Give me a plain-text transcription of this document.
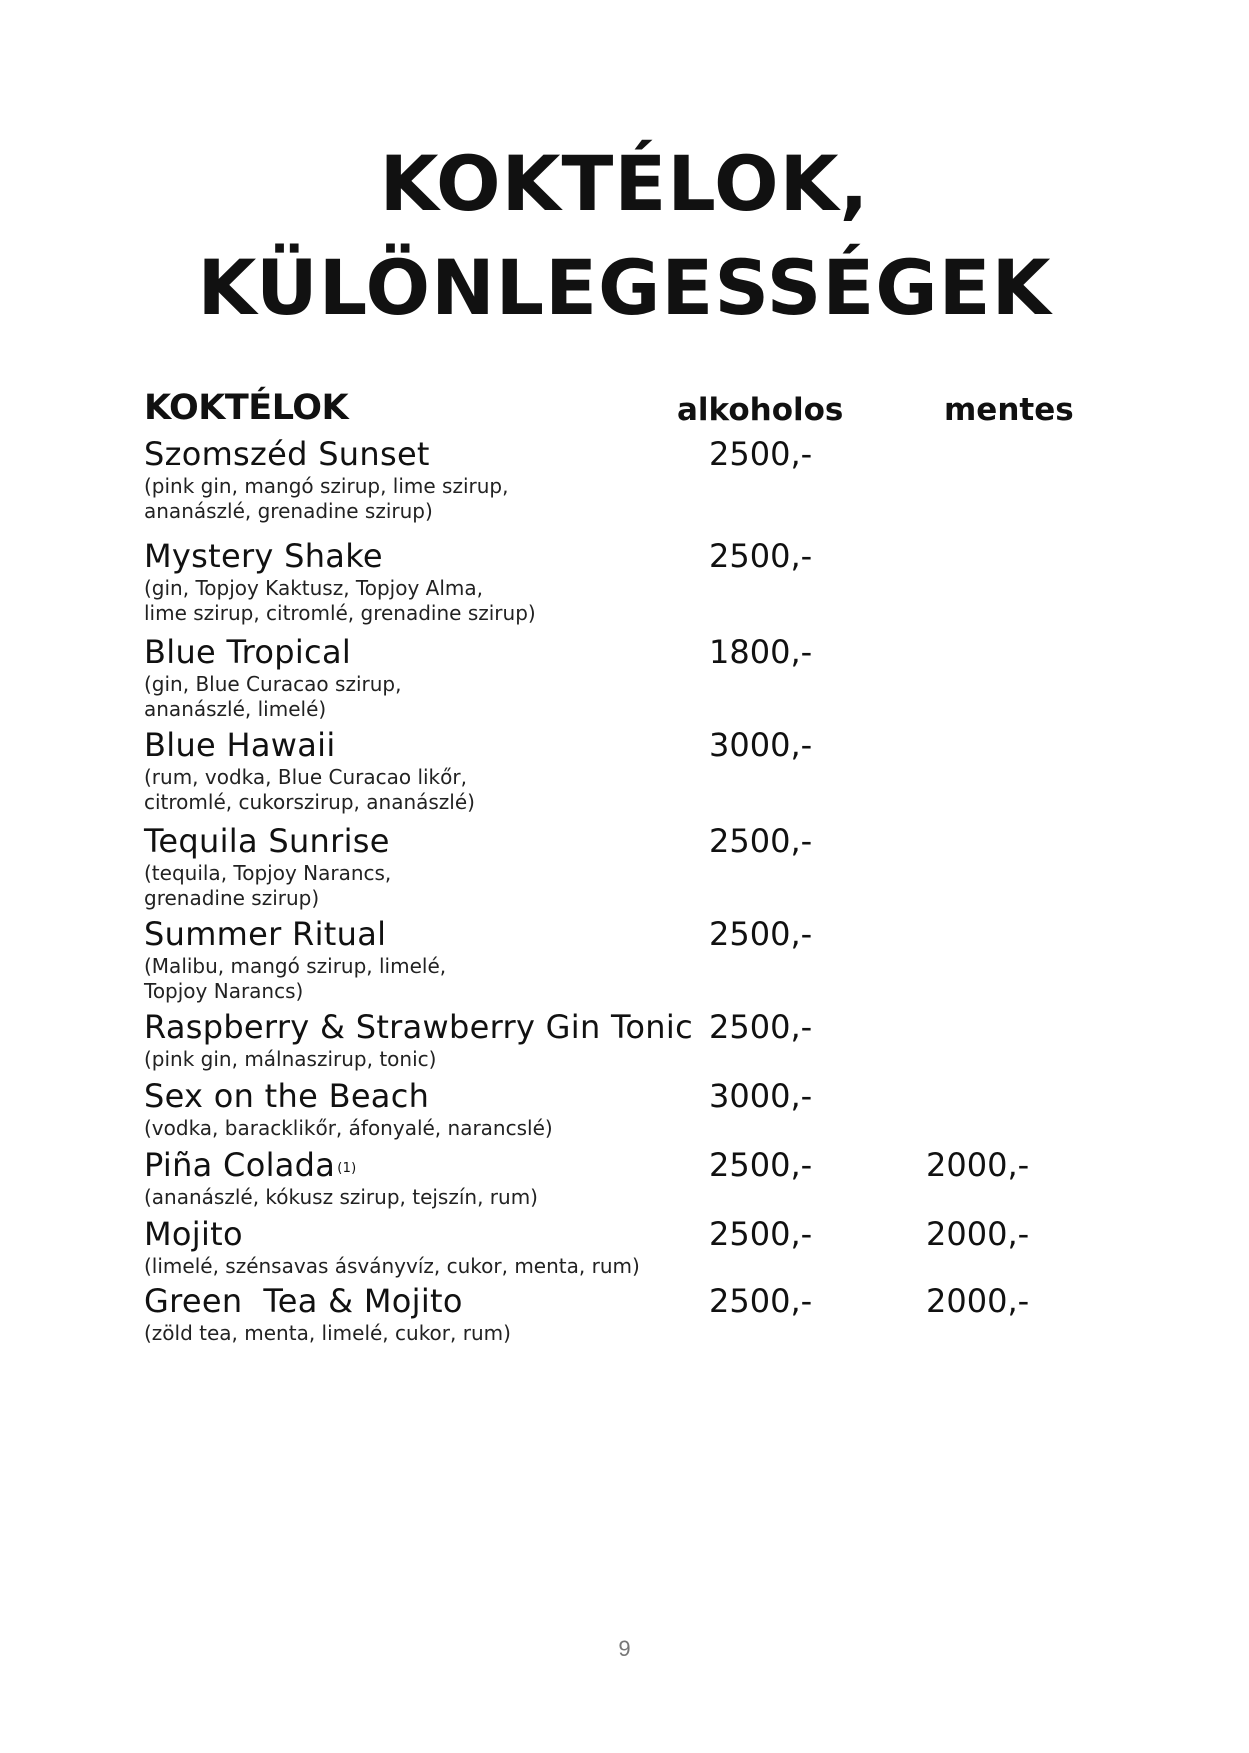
KOKTÉLOK,
KÜLÖNLEGESSÉGEK
KOKTÉLOK	alkoholos	mentes
Szomszéd Sunset
(pink gin, mangó szirup, lime szirup,
ananászlé, grenadine szirup)
2500,-
Mystery Shake
(gin, Topjoy Kaktusz, Topjoy Alma,
lime szirup, citromlé, grenadine szirup)
2500,-
Blue Tropical
(gin, Blue Curacao szirup,
ananászlé, limelé)
1800,-
Blue Hawaii
(rum, vodka, Blue Curacao likőr,
citromlé, cukorszirup, ananászlé)
3000,-
Tequila Sunrise
(tequila, Topjoy Narancs,
grenadine szirup)
2500,-
Summer Ritual
(Malibu, mangó szirup, limelé,
Topjoy Narancs)
2500,-
Raspberry & Strawberry Gin Tonic
(pink gin, málnaszirup, tonic)
2500,-
Sex on the Beach
(vodka, baracklikőr, áfonyalé, narancslé)
3000,-
Piña Colada $^{(1)}$
(ananászlé, kókusz szirup, tejszín, rum)
2500,-	2000,-
Mojito
(limelé, szénsavas ásványvíz, cukor, menta, rum)
2500,-	2000,-
Green  Tea & Mojito
(zöld tea, menta, limelé, cukor, rum)
2500,-	2000,-
9
